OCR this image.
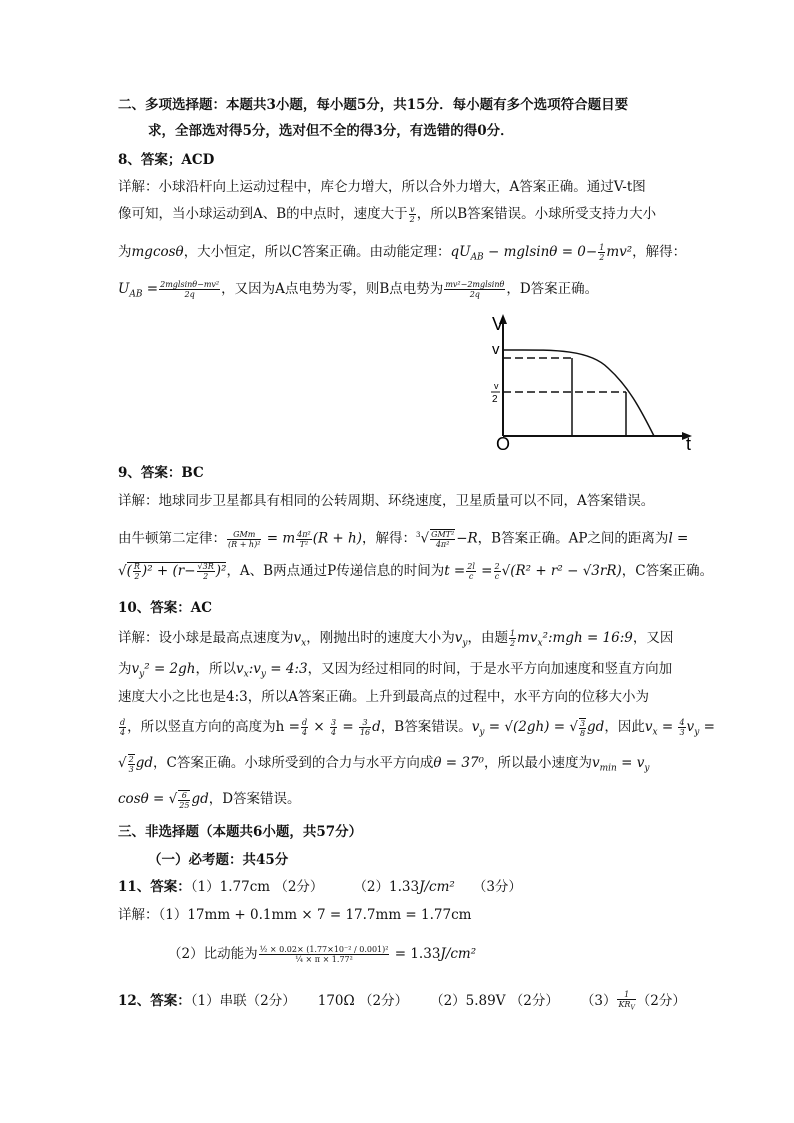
二、多项选择题：本题共3小题，每小题5分，共15分．每小题有多个选项符合题目要
求，全部选对得5分，选对但不全的得3分，有选错的得0分．
8、答案；ACD
详解：小球沿杆向上运动过程中，库仑力增大，所以合外力增大，A答案正确。通过V-t图
像可知，当小球运动到A、B的中点时，速度大于 $\frac{v}{2}$ ，所以B答案错误。小球所受支持力大小
为mgcosθ，大小恒定，所以C答案正确。由动能定理：$qU_{AB} - mglsin\theta = 0- \frac{1}{2} mv^2$，解得：
$U_{AB} = \frac{\text{2mglsinθ−mv²}}{2q}$ ，又因为A点电势为零，则B点电势为 $\frac{\text{mv²−2mglsinθ}}{2q}$ ，D答案正确。
V
t
O
v
v
2
9、答案：BC
详解：地球同步卫星都具有相同的公转周期、环绕速度，卫星质量可以不同，A答案错误。
由牛顿第二定律： $\frac{\text{GMm}}{\text{(R + h)²}} = m \frac{\text{4π²}}{\text{T²}} (R + h)$，解得：$^3√ \frac{\text{GMT²}}{\text{4π²}} -R$，B答案正确。AP之间的距离为l =
√( $\frac{R}{2} )^2 + (r- \frac{√3R}{2} )^2$，A、B两点通过P传递信息的时间为$t = \frac{2l}{c} = \frac{2}{c} √(R^2 + r^2 - √3rR)$，C答案正确。
10、答案：AC
详解：设小球是最高点速度为$v_x$，刚抛出时的速度大小为$v_y$，由题 $\frac{1}{2}$ $mv_x^2:mgh$ = 16:9，又因
为$v_y^2 = 2gh$，所以$v_x:v_y$ = 4:3，又因为经过相同的时间，于是水平方向加速度和竖直方向加
速度大小之比也是4:3，所以A答案正确。上升到最高点的过程中，水平方向的位移大小为
$\frac{d}{4}$ ，所以竖直方向的高度为$h = \frac{d}{4} \times \frac{3}{4} = \frac{3}{16}$ d，B答案错误。$v_y = √(2gh)$ = √ $\frac{3}{8}$ gd，因此$v_x = \frac{4}{3} v_y$ =
√ $\frac{2}{3}$ gd，C答案正确。小球所受到的合力与水平方向成θ = 37⁰，所以最小速度为$v_{min} = v_y$
cosθ = √ $\frac{6}{25}$ gd，D答案错误。
三、非选择题（本题共6小题，共57分）
（一）必考题：共45分
11、答案：（1）1.77cm （2分） （2）1.33J/cm² （3分）
详解：（1）17mm + 0.1mm × 7 = 17.7mm = 1.77cm
（2）比动能为 $\frac{\text{½ × 0.02× (1.77×10⁻² / 0.001)²}}{\text{¼ × π × 1.77²}} = 1.33J/cm^2$
12、答案：（1）串联（2分） 170Ω （2分） （2）5.89V （2分） $(3) \frac{1}{KR_V} (2$分）
